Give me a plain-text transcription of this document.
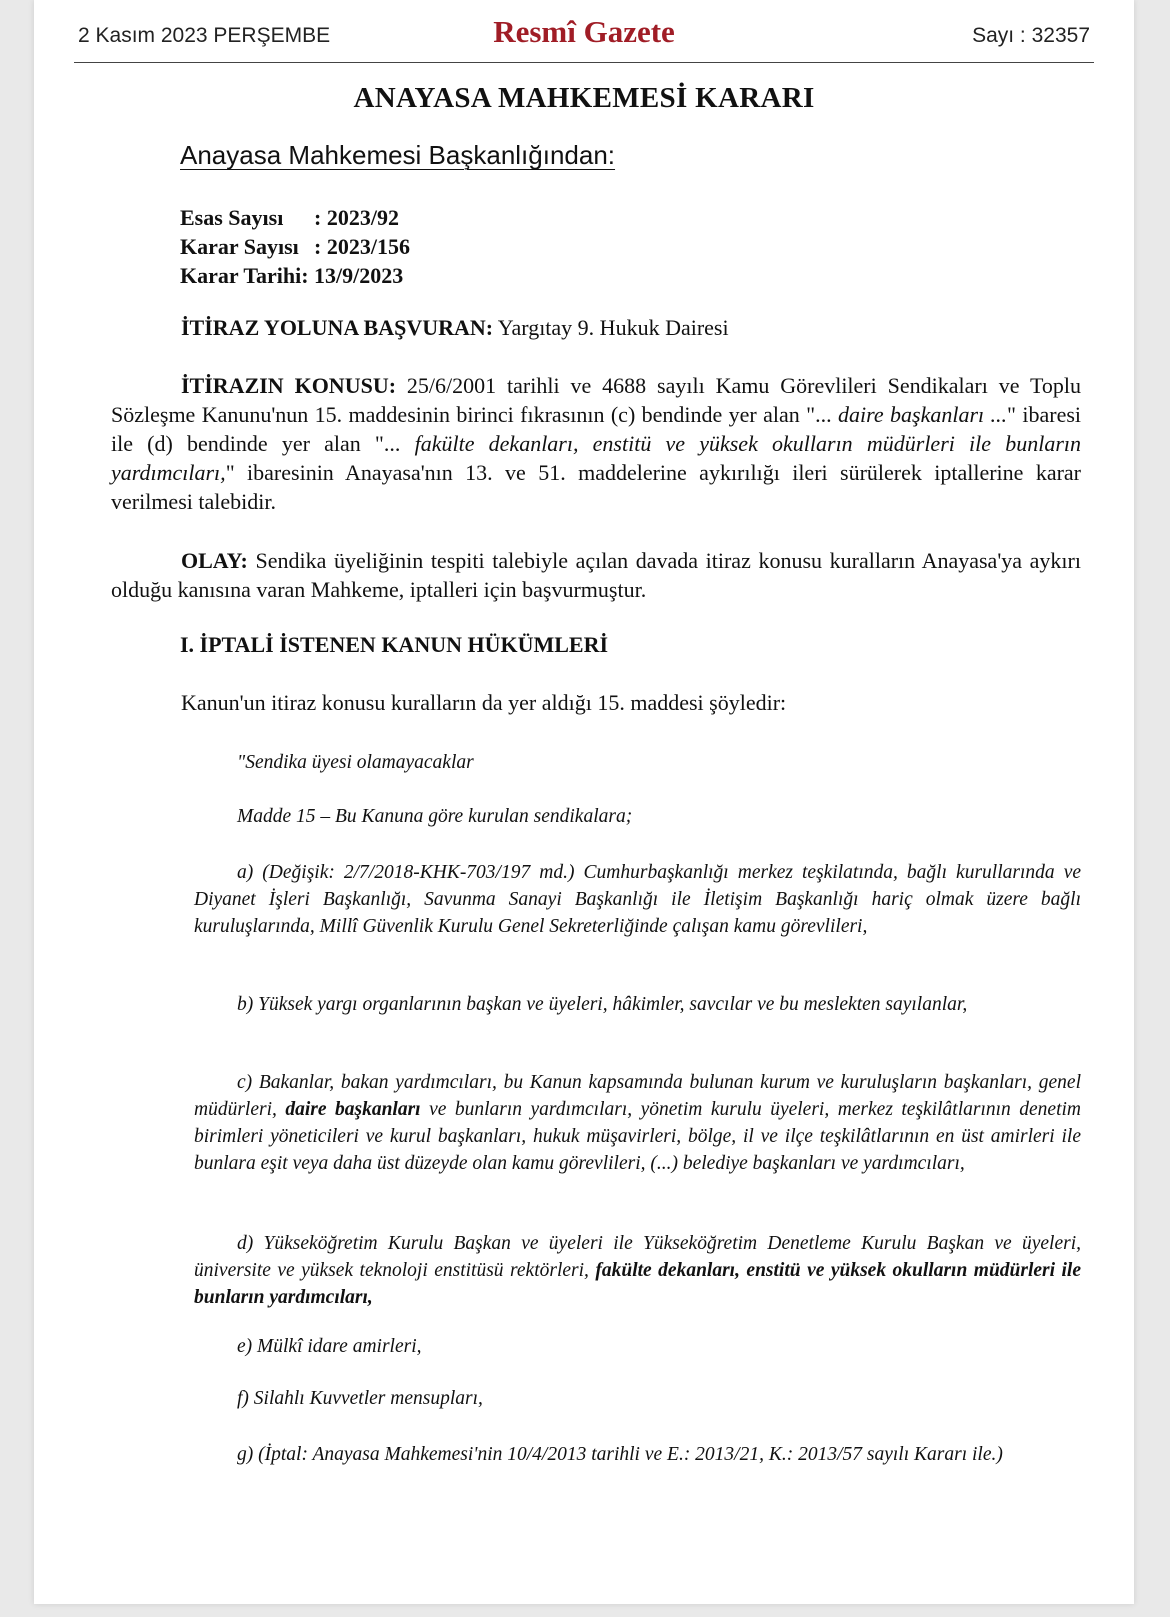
2 Kasım 2023 PERŞEMBE	Resmî Gazete	Sayı : 32357
ANAYASA MAHKEMESİ KARARI
Anayasa Mahkemesi Başkanlığından:
Esas Sayısı : 2023/92
Karar Sayısı : 2023/156
Karar Tarihi: 13/9/2023

İTİRAZ YOLUNA BAŞVURAN: Yargıtay 9. Hukuk Dairesi

İTİRAZIN KONUSU: 25/6/2001 tarihli ve 4688 sayılı Kamu Görevlileri Sendikaları ve Toplu Sözleşme Kanunu'nun 15. maddesinin birinci fıkrasının (c) bendinde yer alan "... daire başkanları ..." ibaresi ile (d) bendinde yer alan "... fakülte dekanları, enstitü ve yüksek okulların müdürleri ile bunların yardımcıları," ibaresinin Anayasa'nın 13. ve 51. maddelerine aykırılığı ileri sürülerek iptallerine karar verilmesi talebidir.

OLAY: Sendika üyeliğinin tespiti talebiyle açılan davada itiraz konusu kuralların Anayasa'ya aykırı olduğu kanısına varan Mahkeme, iptalleri için başvurmuştur.

I. İPTALİ İSTENEN KANUN HÜKÜMLERİ

Kanun'un itiraz konusu kuralların da yer aldığı 15. maddesi şöyledir:

"Sendika üyesi olamayacaklar
Madde 15 – Bu Kanuna göre kurulan sendikalara;

a) (Değişik: 2/7/2018-KHK-703/197 md.) Cumhurbaşkanlığı merkez teşkilatında, bağlı kurullarında ve Diyanet İşleri Başkanlığı, Savunma Sanayi Başkanlığı ile İletişim Başkanlığı hariç olmak üzere bağlı kuruluşlarında, Millî Güvenlik Kurulu Genel Sekreterliğinde çalışan kamu görevlileri,

b) Yüksek yargı organlarının başkan ve üyeleri, hâkimler, savcılar ve bu meslekten sayılanlar,

c) Bakanlar, bakan yardımcıları, bu Kanun kapsamında bulunan kurum ve kuruluşların başkanları, genel müdürleri, daire başkanları ve bunların yardımcıları, yönetim kurulu üyeleri, merkez teşkilâtlarının denetim birimleri yöneticileri ve kurul başkanları, hukuk müşavirleri, bölge, il ve ilçe teşkilâtlarının en üst amirleri ile bunlara eşit veya daha üst düzeyde olan kamu görevlileri, (...) belediye başkanları ve yardımcıları,

d) Yükseköğretim Kurulu Başkan ve üyeleri ile Yükseköğretim Denetleme Kurulu Başkan ve üyeleri, üniversite ve yüksek teknoloji enstitüsü rektörleri, fakülte dekanları, enstitü ve yüksek okulların müdürleri ile bunların yardımcıları,

e) Mülkî idare amirleri,
f) Silahlı Kuvvetler mensupları,

g) (İptal: Anayasa Mahkemesi'nin 10/4/2013 tarihli ve E.: 2013/21, K.: 2013/57 sayılı Kararı ile.)
